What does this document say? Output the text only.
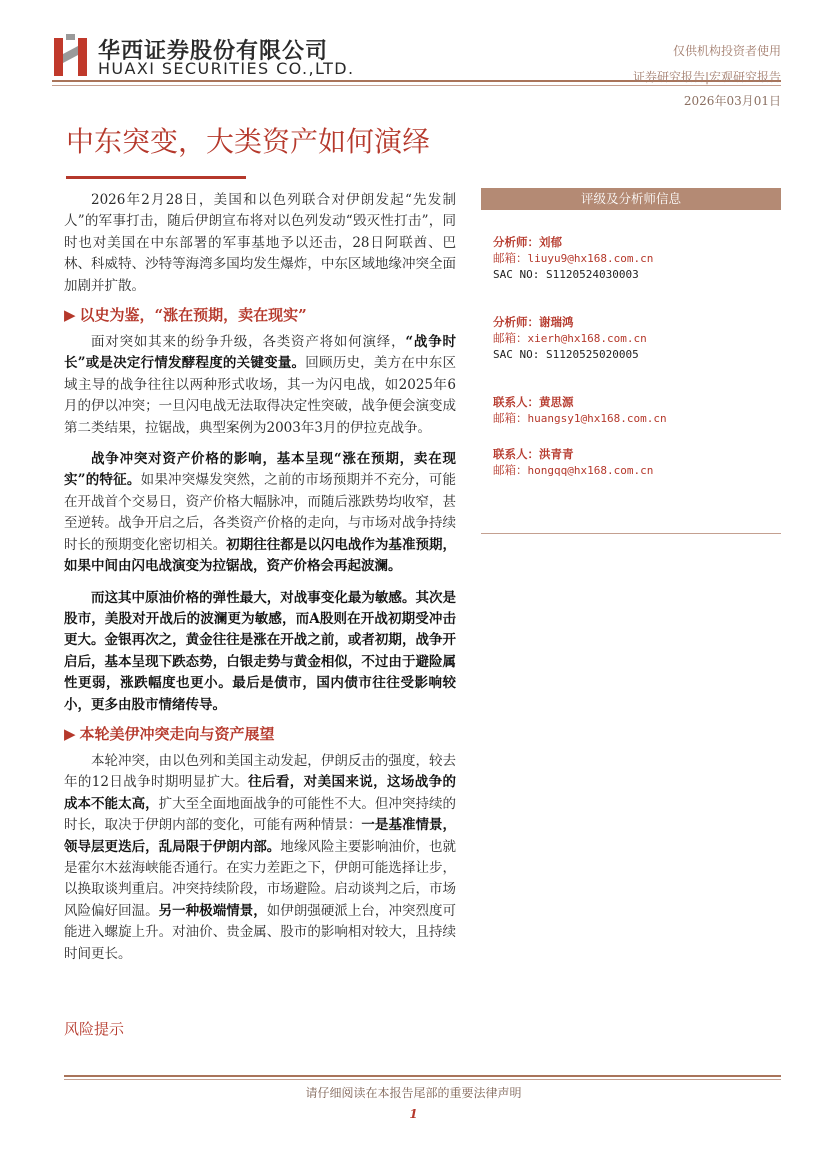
华西证券股份有限公司
HUAXI SECURITIES CO.,LTD.
仅供机构投资者使用
证券研究报告|宏观研究报告
2026年03月01日
中东突变，大类资产如何演绎

2026年2月28日，美国和以色列联合对伊朗发起“先发制人”的军事打击，随后伊朗宣布将对以色列发动“毁灭性打击”，同时也对美国在中东部署的军事基地予以还击，28日阿联酋、巴林、科威特、沙特等海湾多国均发生爆炸，中东区域地缘冲突全面加剧并扩散。

▶ 以史为鉴，“涨在预期，卖在现实”

面对突如其来的纷争升级，各类资产将如何演绎，“战争时长”或是决定行情发酵程度的关键变量。回顾历史，美方在中东区域主导的战争往往以两种形式收场，其一为闪电战，如2025年6月的伊以冲突；一旦闪电战无法取得决定性突破，战争便会演变成第二类结果，拉锯战，典型案例为2003年3月的伊拉克战争。

战争冲突对资产价格的影响，基本呈现“涨在预期，卖在现实”的特征。如果冲突爆发突然，之前的市场预期并不充分，可能在开战首个交易日，资产价格大幅脉冲，而随后涨跌势均收窄，甚至逆转。战争开启之后，各类资产价格的走向，与市场对战争持续时长的预期变化密切相关。初期往往都是以闪电战作为基准预期，如果中间由闪电战演变为拉锯战，资产价格会再起波澜。

而这其中原油价格的弹性最大，对战事变化最为敏感。其次是股市，美股对开战后的波澜更为敏感，而A股则在开战初期受冲击更大。金银再次之，黄金往往是涨在开战之前，或者初期，战争开启后，基本呈现下跌态势，白银走势与黄金相似，不过由于避险属性更弱，涨跌幅度也更小。最后是债市，国内债市往往受影响较小，更多由股市情绪传导。

▶ 本轮美伊冲突走向与资产展望

本轮冲突，由以色列和美国主动发起，伊朗反击的强度，较去年的12日战争时期明显扩大。往后看，对美国来说，这场战争的成本不能太高，扩大至全面地面战争的可能性不大。但冲突持续的时长，取决于伊朗内部的变化，可能有两种情景：一是基准情景，领导层更迭后，乱局限于伊朗内部。地缘风险主要影响油价，也就是霍尔木兹海峡能否通行。在实力差距之下，伊朗可能选择让步，以换取谈判重启。冲突持续阶段，市场避险。启动谈判之后，市场风险偏好回温。另一种极端情景，如伊朗强硬派上台，冲突烈度可能进入螺旋上升。对油价、贵金属、股市的影响相对较大，且持续时间更长。

评级及分析师信息
分析师：刘郁
邮箱：liuyu9@hx168.com.cn
SAC NO: S1120524030003
分析师：谢瑞鸿
邮箱：xierh@hx168.com.cn
SAC NO: S1120525020005
联系人：黄思源
邮箱：huangsy1@hx168.com.cn
联系人：洪青青
邮箱：hongqq@hx168.com.cn
风险提示
请仔细阅读在本报告尾部的重要法律声明
1
